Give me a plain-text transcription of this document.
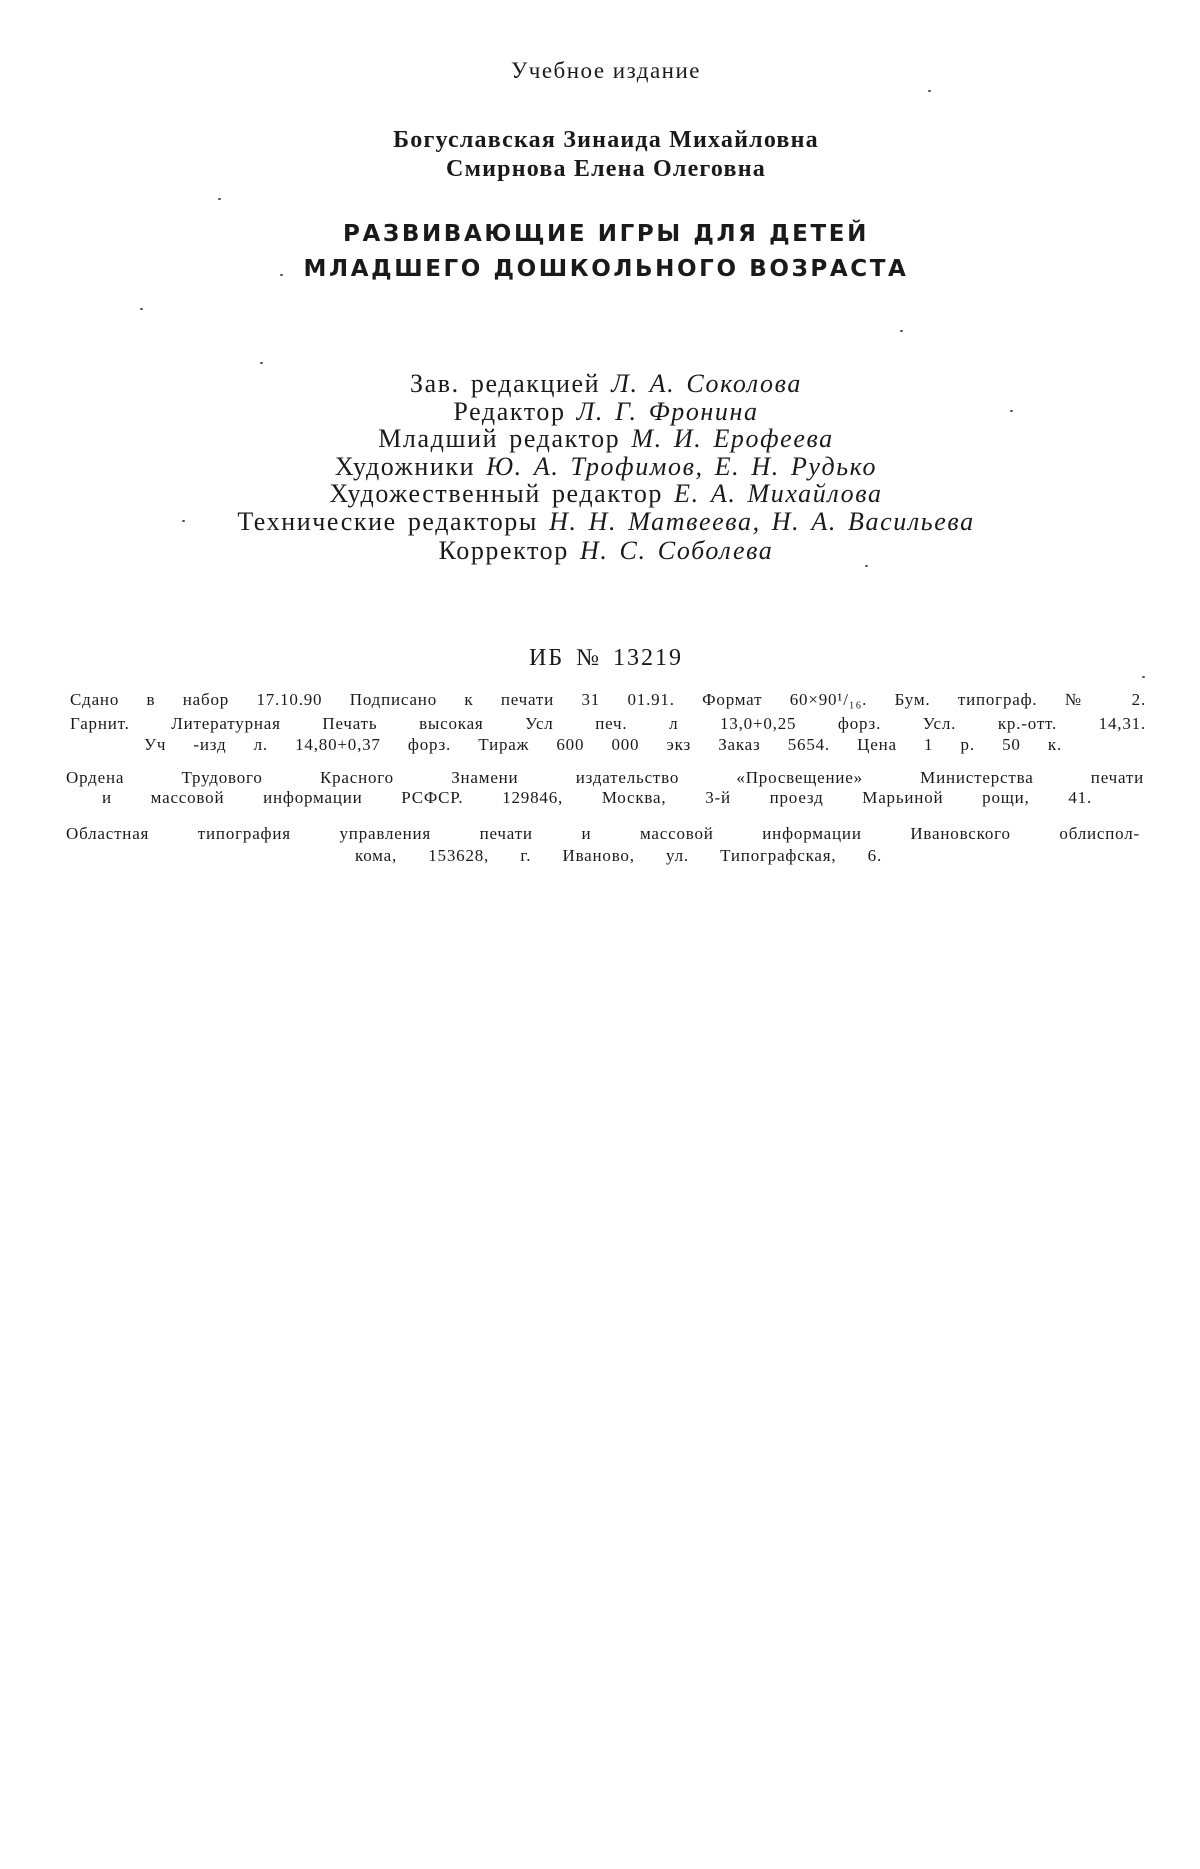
Учебное издание
Богуславская Зинаида Михайловна
Смирнова Елена Олеговна
РАЗВИВАЮЩИЕ ИГРЫ ДЛЯ ДЕТЕЙ
МЛАДШЕГО ДОШКОЛЬНОГО ВОЗРАСТА
Зав. редакцией Л. А. Соколова
Редактор Л. Г. Фронина
Младший редактор М. И. Ерофеева
Художники Ю. А. Трофимов, Е. Н. Рудько
Художественный редактор Е. А. Михайлова
Технические редакторы Н. Н. Матвеева, Н. А. Васильева
Корректор Н. С. Соболева
ИБ № 13219
Сдано в набор 17.10.90 Подписано к печати 31 01.91. Формат 60×90¹/₁₆. Бум. типограф. № 2.
Гарнит. Литературная Печать высокая Усл печ. л 13,0+0,25 форз. Усл. кр.-отт. 14,31.
Уч -изд л. 14,80+0,37 форз. Тираж 600 000 экз Заказ 5654. Цена 1 р. 50 к.
Ордена Трудового Красного Знамени издательство «Просвещение» Министерства печати
и массовой информации РСФСР. 129846, Москва, 3-й проезд Марьиной рощи, 41.
Областная типография управления печати и массовой информации Ивановского облиспол-
кома, 153628, г. Иваново, ул. Типографская, 6.
